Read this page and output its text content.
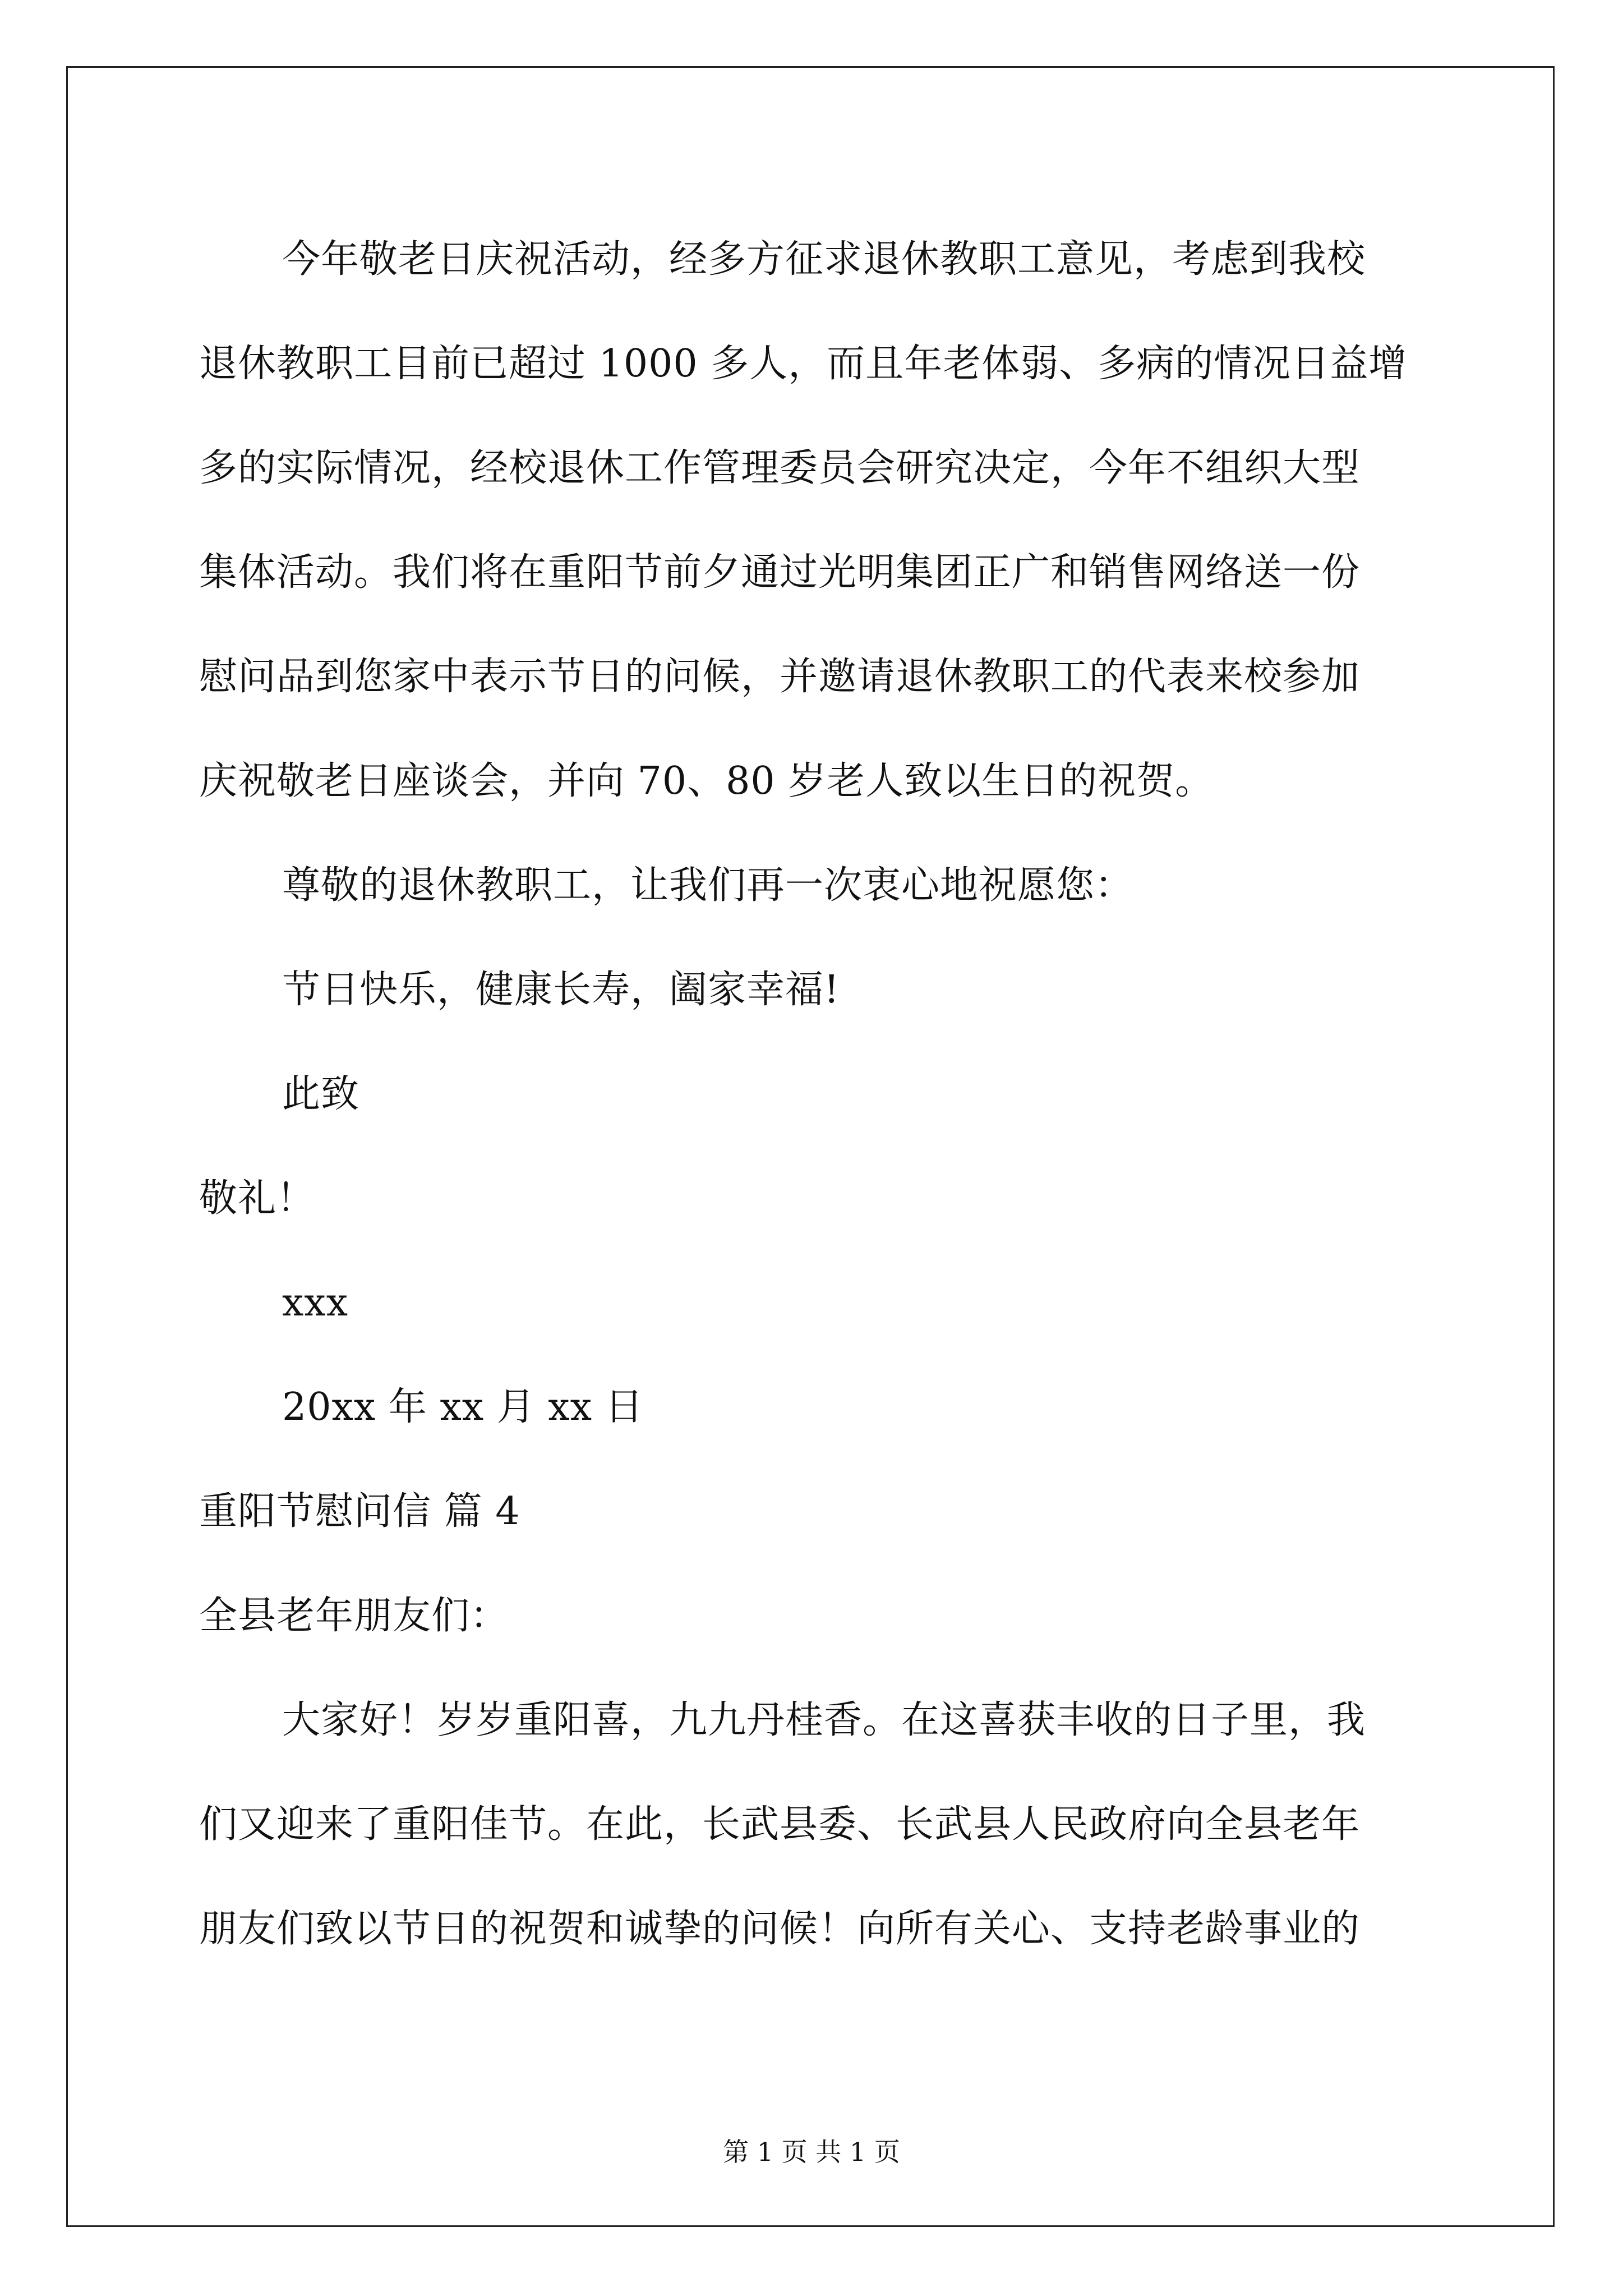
今年敬老日庆祝活动，经多方征求退休教职工意见，考虑到我校
退休教职工目前已超过 1000 多人，而且年老体弱、多病的情况日益增
多的实际情况，经校退休工作管理委员会研究决定，今年不组织大型
集体活动。我们将在重阳节前夕通过光明集团正广和销售网络送一份
慰问品到您家中表示节日的问候，并邀请退休教职工的代表来校参加
庆祝敬老日座谈会，并向 70、80 岁老人致以生日的祝贺。

尊敬的退休教职工，让我们再一次衷心地祝愿您：

节日快乐，健康长寿，阖家幸福!

此致

敬礼！

xxx

20xx 年 xx 月 xx 日

重阳节慰问信 篇 4

全县老年朋友们：

大家好！岁岁重阳喜，九九丹桂香。在这喜获丰收的日子里，我
们又迎来了重阳佳节。在此，长武县委、长武县人民政府向全县老年
朋友们致以节日的祝贺和诚挚的问候！向所有关心、支持老龄事业的

第 1 页 共 1 页
